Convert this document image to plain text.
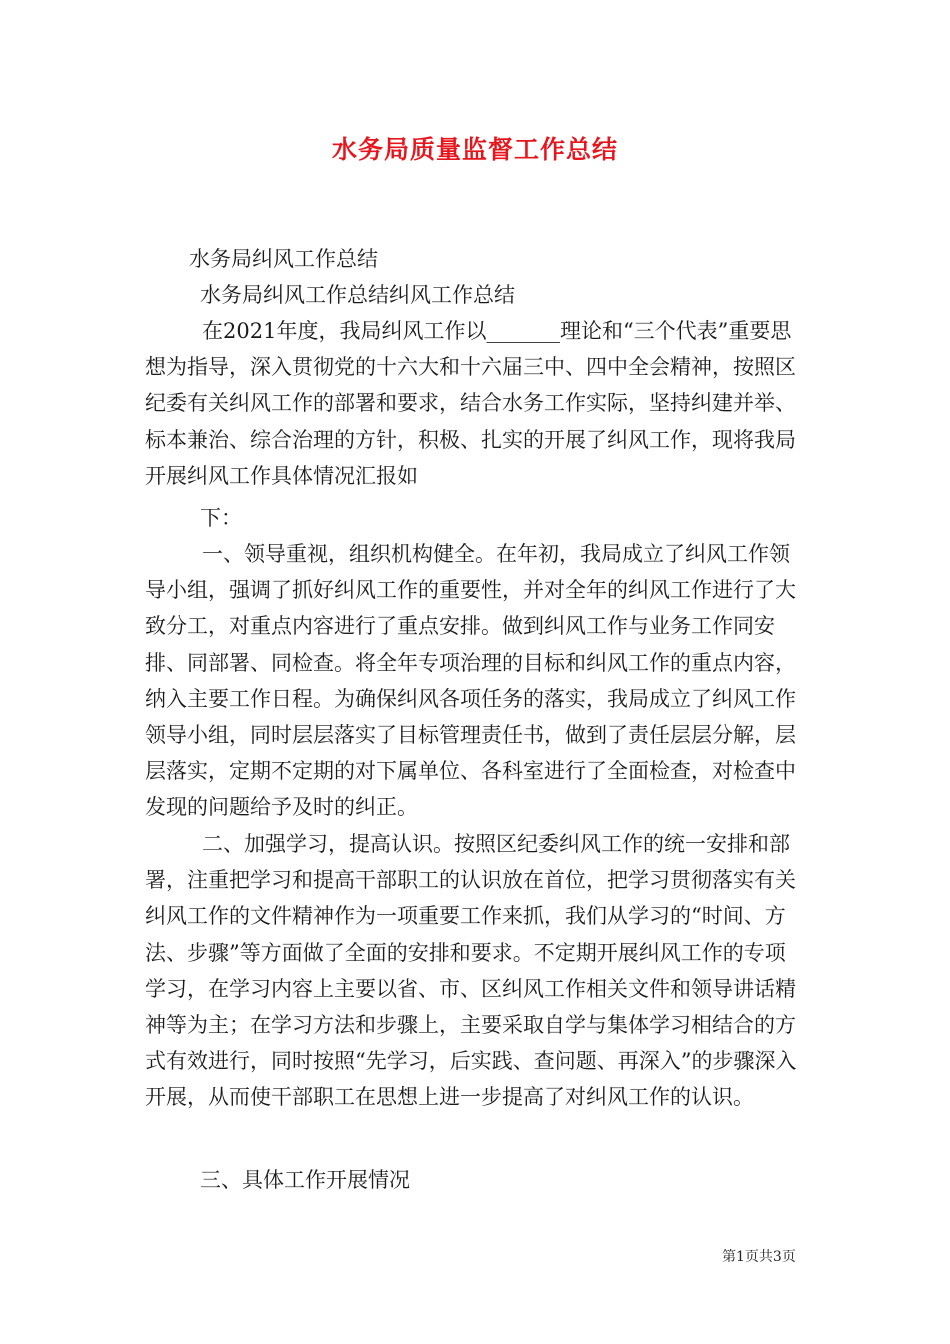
水务局质量监督工作总结
水务局纠风工作总结
水务局纠风工作总结纠风工作总结

在2021年度，我局纠风工作以_______理论和“三个代表”重要思想为指导，深入贯彻党的十六大和十六届三中、四中全会精神，按照区纪委有关纠风工作的部署和要求，结合水务工作实际，坚持纠建并举、标本兼治、综合治理的方针，积极、扎实的开展了纠风工作，现将我局开展纠风工作具体情况汇报如

下：

一、领导重视，组织机构健全。在年初，我局成立了纠风工作领导小组，强调了抓好纠风工作的重要性，并对全年的纠风工作进行了大致分工，对重点内容进行了重点安排。做到纠风工作与业务工作同安排、同部署、同检查。将全年专项治理的目标和纠风工作的重点内容，纳入主要工作日程。为确保纠风各项任务的落实，我局成立了纠风工作领导小组，同时层层落实了目标管理责任书，做到了责任层层分解，层层落实，定期不定期的对下属单位、各科室进行了全面检查，对检查中发现的问题给予及时的纠正。

二、加强学习，提高认识。按照区纪委纠风工作的统一安排和部署，注重把学习和提高干部职工的认识放在首位，把学习贯彻落实有关纠风工作的文件精神作为一项重要工作来抓，我们从学习的“时间、方法、步骤”等方面做了全面的安排和要求。不定期开展纠风工作的专项学习，在学习内容上主要以省、市、区纠风工作相关文件和领导讲话精神等为主；在学习方法和步骤上，主要采取自学与集体学习相结合的方式有效进行，同时按照“先学习，后实践、查问题、再深入”的步骤深入开展，从而使干部职工在思想上进一步提高了对纠风工作的认识。

三、具体工作开展情况
第1页共3页
